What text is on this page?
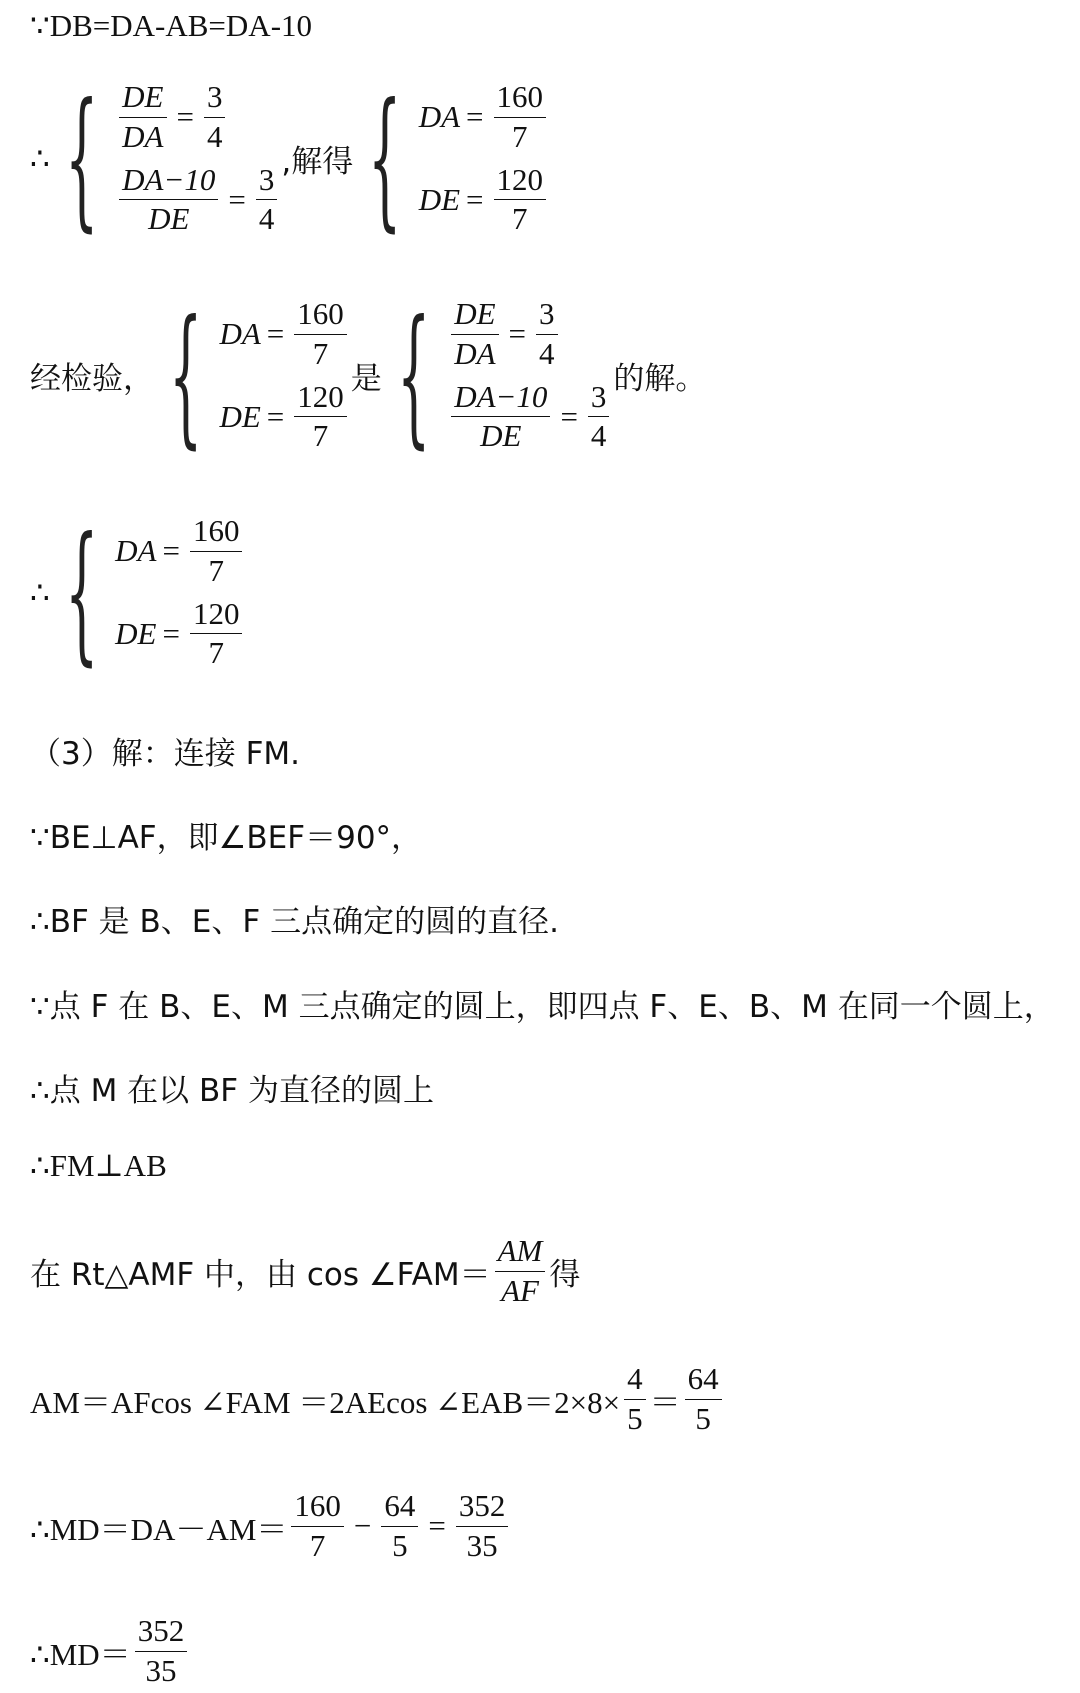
∵DB=DA-AB=DA-10
∴ { $\frac{DE}{DA} = \frac{3}{4}$
$\frac{DA-10}{DE} = \frac{3}{4}$ ,解得 { DA = $\frac{160}{7}$
DE = $\frac{120}{7}$
经检验， { DA = $\frac{160}{7}$
DE = $\frac{120}{7}$ 是 { $\frac{DE}{DA} = \frac{3}{4}$
$\frac{DA-10}{DE} = \frac{3}{4}$ 的解。
∴ { DA = $\frac{160}{7}$
DE = $\frac{120}{7}$
（3）解：连接 FM.
∵BE⊥AF，即∠BEF＝90°，
∴BF 是 B、E、F 三点确定的圆的直径.
∵点 F 在 B、E、M 三点确定的圆上，即四点 F、E、B、M 在同一个圆上，
∴点 M 在以 BF 为直径的圆上
∴FM⊥AB
在 Rt△AMF 中，由 cos ∠FAM＝ $\frac{AM}{AF}$ 得
AM＝AFcos ∠FAM ＝2AEcos ∠EAB＝2×8× $\frac{4}{5} = \frac{64}{5}$
∴MD＝DA－AM＝ $\frac{160}{7} - \frac{64}{5} = \frac{352}{35}$
∴MD＝ $\frac{352}{35}$
